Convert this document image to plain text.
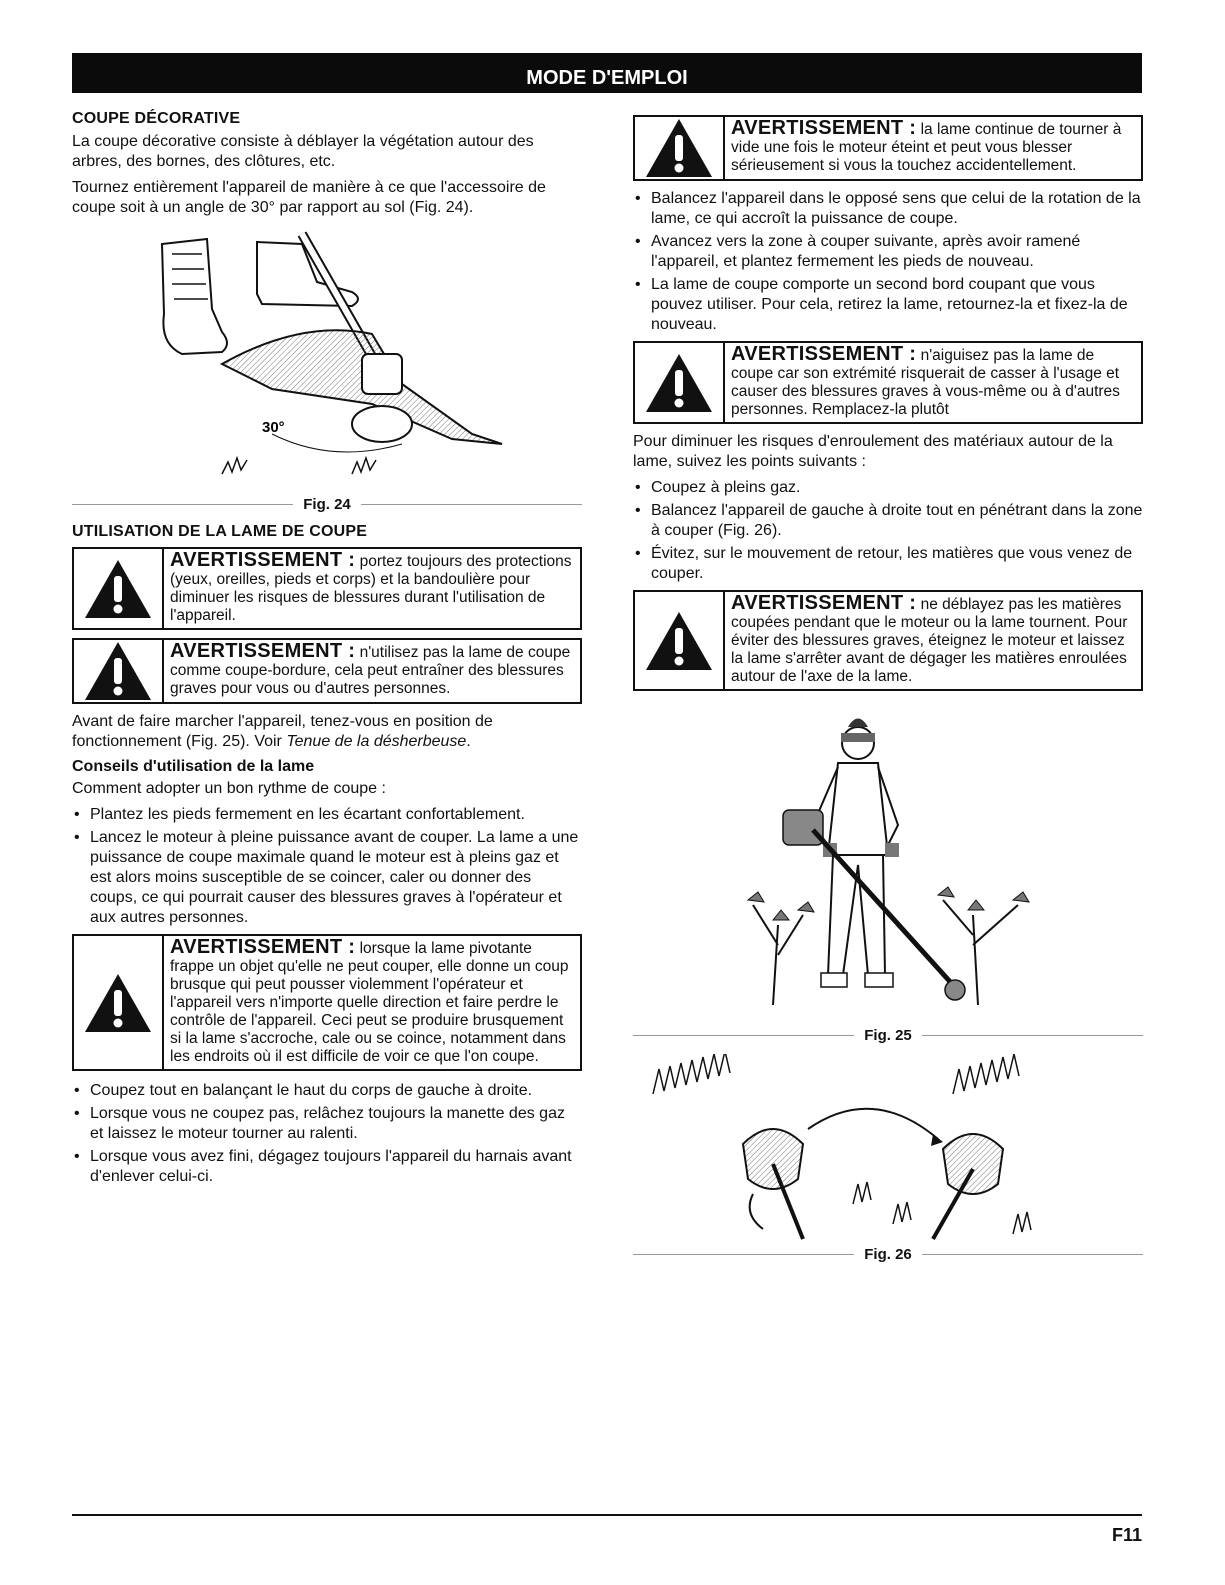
MODE D'EMPLOI
COUPE DÉCORATIVE

La coupe décorative consiste à déblayer la végétation autour des arbres, des bornes, des clôtures, etc.

Tournez entièrement l'appareil de manière à ce que l'accessoire de coupe soit à un angle de 30° par rapport au sol (Fig. 24).

30°
Fig. 24
UTILISATION DE LA LAME DE COUPE
AVERTISSEMENT : portez toujours des protections (yeux, oreilles, pieds et corps) et la bandoulière pour diminuer les risques de blessures durant l'utilisation de l'appareil.
AVERTISSEMENT : n'utilisez pas la lame de coupe comme coupe-bordure, cela peut entraîner des blessures graves pour vous ou d'autres personnes.

Avant de faire marcher l'appareil, tenez-vous en position de fonctionnement (Fig. 25). Voir Tenue de la désherbeuse.

Conseils d'utilisation de la lame

Comment adopter un bon rythme de coupe :

• Plantez les pieds fermement en les écartant confortablement.
• Lancez le moteur à pleine puissance avant de couper. La lame a une puissance de coupe maximale quand le moteur est à pleins gaz et est alors moins susceptible de se coincer, caler ou donner des coups, ce qui pourrait causer des blessures graves à l'opérateur et aux autres personnes.
AVERTISSEMENT : lorsque la lame pivotante frappe un objet qu'elle ne peut couper, elle donne un coup brusque qui peut pousser violemment l'opérateur et l'appareil vers n'importe quelle direction et faire perdre le contrôle de l'appareil. Ceci peut se produire brusquement si la lame s'accroche, cale ou se coince, notamment dans les endroits où il est difficile de voir ce que l'on coupe.
• Coupez tout en balançant le haut du corps de gauche à droite.
• Lorsque vous ne coupez pas, relâchez toujours la manette des gaz et laissez le moteur tourner au ralenti.
• Lorsque vous avez fini, dégagez toujours l'appareil du harnais avant d'enlever celui-ci.
AVERTISSEMENT : la lame continue de tourner à vide une fois le moteur éteint et peut vous blesser sérieusement si vous la touchez accidentellement.
• Balancez l'appareil dans le opposé sens que celui de la rotation de la lame, ce qui accroît la puissance de coupe.
• Avancez vers la zone à couper suivante, après avoir ramené l'appareil, et plantez fermement les pieds de nouveau.
• La lame de coupe comporte un second bord coupant que vous pouvez utiliser. Pour cela, retirez la lame, retournez-la et fixez-la de nouveau.
AVERTISSEMENT : n'aiguisez pas la lame de coupe car son extrémité risquerait de casser à l'usage et causer des blessures graves à vous-même ou à d'autres personnes. Remplacez-la plutôt

Pour diminuer les risques d'enroulement des matériaux autour de la lame, suivez les points suivants :

• Coupez à pleins gaz.
• Balancez l'appareil de gauche à droite tout en pénétrant dans la zone à couper (Fig. 26).
• Évitez, sur le mouvement de retour, les matières que vous venez de couper.
AVERTISSEMENT : ne déblayez pas les matières coupées pendant que le moteur ou la lame tournent. Pour éviter des blessures graves, éteignez le moteur et laissez la lame s'arrêter avant de dégager les matières enroulées autour de l'axe de la lame.
Fig. 25
Fig. 26
F11
